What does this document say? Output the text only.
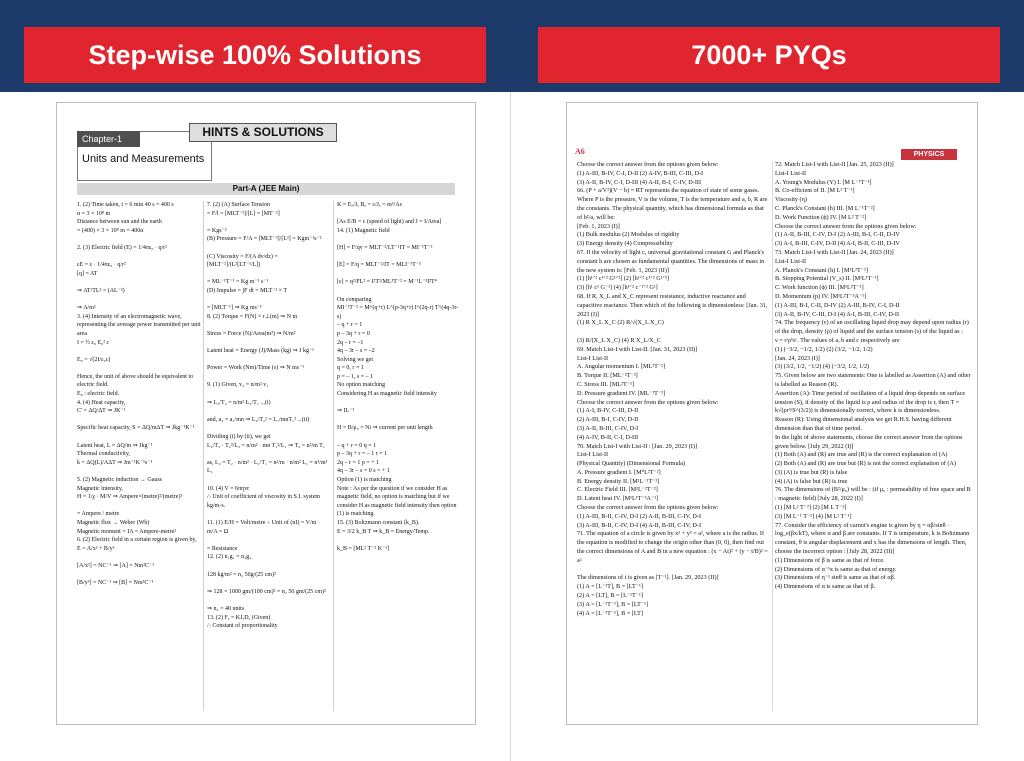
Step-wise 100% Solutions	7000+ PYQs
Chapter-1
Units and Measurements
HINTS & SOLUTIONS
Part-A (JEE Main)
1. (2) Time taken, t = 6 min 40 s = 400 s
α = 3 × 10⁸ m
Distance between sun and the earth
= (400) × 3 × 10⁸ m = 400α

2. (3) Electric field (E) = 1/4πε₀ · q/r²

εE = ε · 1/4πε₀ · q/r²
[q] = AT

⇒ AT/TL² = (AL⁻²)

⇒ A/m²
3. (4) Intensity of an electromagnetic wave, representing the average power transmitted per unit area
I = ½ ε₀ E₀² c

E₀ = √(2I/ε₀c)

Hence, the unit of above should be equivalent to electric field.
E₀ : electric field.
4. (4) Heat capacity,
C' = ΔQ/ΔT ⇒ JK⁻¹

Specific heat capacity, S = ΔQ/mΔT ⇒ Jkg⁻¹K⁻¹

Latent heat, L = ΔQ/m ⇒ Jkg⁻¹
Thermal conductivity,
k = ΔQ(L)/AΔT ⇒ Jm⁻¹K⁻¹s⁻¹

5. (2) Magnetic induction → Gauss
Magnetic intensity,
H = 1/χ · M/V ⇒ Ampere×(metre)²/(metre)³

= Ampere / metre
Magnetic flux → Weber (Wb)
Magnetic moment = IA = Ampere-metre²
6. (2) Electric field in a certain region is given by,
E = A/x² + B/y³

[A/x²] = NC⁻¹ ⇒ [A] = Nm²C⁻¹

[B/y³] = NC⁻¹ ⇒ [B] = Nm³C⁻¹
7. (2) (A) Surface Tension
= F/l = [MLT⁻²]/[L] = [MT⁻²]

= Kgs⁻²
(B) Pressure = F/A = [MLT⁻²]/[L²] = Kgm⁻¹s⁻²

(C) Viscosity = F/(A dv/dz) = [MLT⁻²]/(L²[LT⁻¹/L])

= ML⁻¹T⁻¹ = Kg m⁻¹ s⁻¹
(D) Impulse = ∫F dt = MLT⁻² × T

= [MLT⁻¹] ⇒ Kg ms⁻¹
8. (2) Torque = F(N) × r⊥(m) ⇒ N m

Stress = Force (N)/Area(m²) ⇒ N/m²

Latent heat = Energy (J)/Mass (kg) ⇒ J kg⁻¹

Power = Work (Nm)/Time (s) ⇒ N ms⁻¹

9. (1) Given, v₂ = n/m² v₁

⇒ L₂/T₂ = n/m² L₁/T₁ ...(i)

and, a₂ = a₁/mn ⇒ L₂/T₂² = L₁/mnT₁² ...(ii)

Dividing (i) by (ii), we get
L₂/T₂ · T₂²/L₂ = n/m² · mn T₁²/L₁ ⇒ T₂ = n²/m T₁

as, L₂ = T₂ · n/m² · L₁/T₁ = n²/m · n/m² L₁ = n³/m³ L₁

10. (4) V = 6πηvr
∴ Unit of coefficient of viscosity in S.I. system kg/m-s.

11. (1) E/H = Volt/metre ÷ Unit of (nI) = V/m · m/A = Ω

= Resistance
12. (2) n₁g₁ = n₂g₂

128 kg/m² = n₂ 50g/(25 cm)²

⇒ 128 × 1000 gm/(100 cm)² = n₂ 50 gm/(25 cm)²

⇒ n₂ = 40 units
13. (2) Fᵧ = KJₓDᵧ (Given)
∴ Constant of proportionality
K = Eₓ/Jₓ Bᵧ = c/Jₓ = m³/As

[As E/B = c (speed of light) and J = I/Area]
14. (1) Magnetic field

[H] = F/qv = MLT⁻²/LT⁻¹IT = MI⁻¹T⁻²

[E] = F/q = MLT⁻²/IT = MLI⁻¹T⁻³

[ε] = q²/FL² = I²T²/ML³T⁻² = M⁻¹L⁻³I²T⁴

On comparing
MI⁻¹T⁻² = M^(q+r) L^(p-3q+r) I^(2q-r) T^(4q-3r-s)
– q + r = 1
p – 3q + r = 0
2q – r = –1
4q – 3r – s = –2
Solving we get
q = 0, r = 1
p = – 1, s = – 1
No option matching
Considering H as magnetic field intensity

⇒ IL⁻¹

H = B/μ₀ = Ni ⇒ current per unit length

– q + r = 0 q = 1
p – 3q + r = – 1 r = 1
2q – r = 1 p = + 1
4q – 3r – s = 0 s = + 1
Option (1) is matching
Note : As per the question if we consider H as magnetic field, no option is matching but if we consider H as magnetic field intensity then option (1) is matching.
15. (3) Boltzmann constant (k_B).
E = 3/2 k_B T ⇒ k_B = Energy/Temp.

k_B = [ML² T⁻² K⁻¹]
A6	PHYSICS
Choose the correct answer from the options given below:
(1) A-III, B-IV, C-I, D-II (2) A-IV, B-III, C-III, D-I
(3) A-II, B-IV, C-I, D-III (4) A-II, B-I, C-IV, D-III
66. (P + a/V²)(V − b) = RT represents the equation of state of some gases. Where P is the pressure, V is the volume, T is the temperature and a, b, R are the constants. The physical quantity, which has dimensional formula as that of b²/a, will be:
[Feb. 1, 2023 (I)]
(1) Bulk modulus (2) Modulus of rigidity
(3) Energy density (4) Compressibility
67. If the velocity of light c, universal gravitational constant G and Planck's constant h are chosen as fundamental quantities. The dimensions of mass in the new system is: [Feb. 1, 2023 (II)]
(1) [h¹ᐟ² c¹ᐟ² G¹ᐟ²] (2) [h¹ᐟ² c¹ᐟ² G¹ᐟ²]
(3) [h¹ c¹ G⁻¹] (4) [h¹ᐟ² c⁻¹ᐟ² G¹]
68. If R, X_L and X_C represent resistance, inductive reactance and capacitive reactance. Then which of the following is dimensionless: [Jan. 31, 2023 (I)]
(1) R X_L X_C (2) R/√(X_L X_C)

(3) R/(X_L X_C) (4) R X_L/X_C
69. Match List-I with List-II. [Jan. 31, 2023 (II)]
List-I List-II
A. Angular momentum I. [ML²T⁻²]
B. Torque II. [ML⁻²T⁻²]
C. Stress III. [ML²T⁻¹]
D. Pressure gradient IV. [ML⁻¹T⁻²]
Choose the correct answer from the options given below:
(1) A-I, B-IV, C-III, D-II
(2) A-III, B-I, C-IV, D-II
(3) A-II, B-III, C-IV, D-I
(4) A-IV, B-II, C-I, D-III
70. Match List-I with List-II : [Jan. 29, 2023 (I)]
List-I List-II
(Physical Quantity) (Dimensional Formula)
A. Pressure gradient I. [M⁰L²T⁻²]
B. Energy density II. [M¹L⁻¹T⁻²]
C. Electric Field III. [M¹L⁻²T⁻²]
D. Latent heat IV. [M¹L¹T⁻³A⁻¹]
Choose the correct answer from the options given below:
(1) A-III, B-II, C-IV, D-I (2) A-II, B-III, C-IV, D-I
(3) A-III, B-II, C-IV, D-I (4) A-II, B-III, C-IV, D-I
71. The equation of a circle is given by x² + y² = a², where a is the radius. If the equation is modified to change the origin other than (0, 0), then find out the correct dimensions of A and B in a new equation : (x − At)² + (y − t/B)² = a²

The dimensions of t is given as [T⁻¹]. [Jan. 29, 2023 (II)]
(1) A = [L⁻¹T], B = [LT⁻¹]
(2) A = [LT], B = [L⁻¹T⁻¹]
(3) A = [L⁻¹T⁻¹], B = [LT⁻¹]
(4) A = [L⁻¹T⁻¹], B = [LT]
72. Match List-I with List-II [Jan. 25, 2023 (II)]
List-I List-II
A. Young's Modulus (Y) I. [M L⁻¹T⁻¹]
B. Co-efficient of II. [M L² T⁻¹]
Viscosity (η)
C. Planck's Constant (h) III. [M L⁻¹T⁻²]
D. Work Function (ϕ) IV. [M L² T⁻²]
Choose the correct answer from the options given below:
(1) A-II, B-III, C-IV, D-I (2) A-III, B-I, C-II, D-IV
(3) A-I, B-III, C-IV, D-II (4) A-I, B-II, C-III, D-IV
73. Match List-I with List-II [Jan. 24, 2023 (II)]
List-I List-II
A. Planck's Constant (h) I. [M¹L²T⁻²]
B. Stopping Potential (V_s) II. [M¹L¹T⁻¹]
C. Work function (ϕ) III. [M¹L²T⁻¹]
D. Momentum (p) IV. [M¹L²T⁻³A⁻¹]
(1) A-III, B-I, C-II, D-IV (2) A-III, B-IV, C-I, D-II
(3) A-II, B-IV, C-III, D-I (4) A-I, B-III, C-IV, D-II
74. The frequency (ν) of an oscillating liquid drop may depend upon radius (r) of the drop, density (ρ) of liquid and the surface tension (s) of the liquid as :
ν = rᵃρᵇsᶜ. The values of a, b and c respectively are
(1) (−3/2, −1/2, 1/2) (2) (3/2, −1/2, 1/2)
[Jan. 24, 2023 (I)]
(3) (3/2, 1/2, −1/2) (4) (−3/2, 1/2, 1/2)
75. Given below are two statements: One is labelled as Assertion (A) and other is labelled as Reason (R).
Assertion (A): Time period of oscillation of a liquid drop depends on surface tension (S), if density of the liquid is ρ and radius of the drop is r, then T = k√(ρr³/S^(3/2)) is dimensionally correct, where k is dimensionless.
Reason (R): Using dimensional analysis we get R.H.S. having different dimension than that of time period.
In the light of above statements, choose the correct answer from the options given below. [July 29, 2022 (I)]
(1) Both (A) and (R) are true and (R) is the correct explanation of (A)
(2) Both (A) and (R) are true but (R) is not the correct explanation of (A)
(3) (A) is true but (R) is false
(4) (A) is false but (R) is true
76. The dimensions of (B²/μ₀) will be : (if μ₀ : permeability of free space and B : magnetic field) [July 28, 2022 (I)]
(1) [M L² T⁻²] (2) [M L T⁻²]
(3) [M L⁻¹ T⁻²] (4) [M L² T⁻¹]
77. Consider the efficiency of carnot's engine is given by η = αβ/sinθ · log_e(βx/kT), where α and β are constants. If T is temperature, k is Boltzmann constant, θ is angular displacement and x has the dimensions of length. Then, choose the incorrect option : [July 28, 2022 (II)]
(1) Dimensions of β is same as that of force.
(2) Dimensions of α⁻¹x is same as that of energy.
(3) Dimensions of η⁻¹ sinθ is same as that of αβ.
(4) Dimensions of α is same as that of β.
